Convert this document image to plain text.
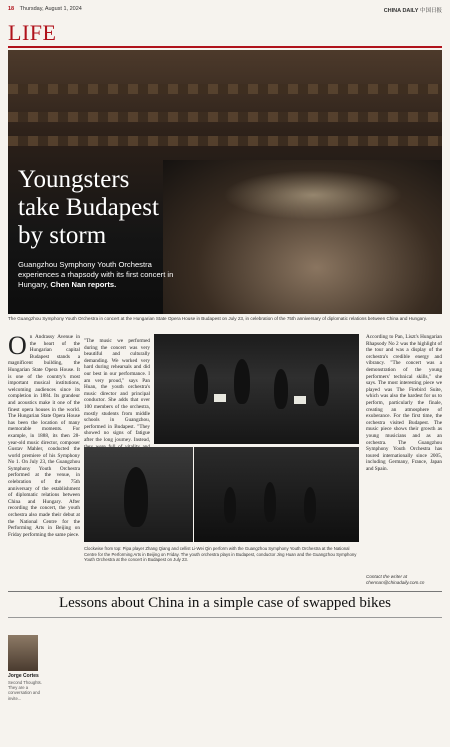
18 Thursday, August 1, 2024	CHINA DAILY 中国日报
LIFE
Youngsters
take Budapest
by storm
Guangzhou Symphony Youth Orchestra experiences a rhapsody with its first concert in Hungary, Chen Nan reports.
The Guangzhou Symphony Youth Orchestra in concert at the Hungarian State Opera House in Budapest on July 23, in celebration of the 75th anniversary of diplomatic relations between China and Hungary.
O n Andrassy Avenue in the heart of the Hungarian capital Budapest stands a magnificent building, the Hungarian State Opera House. It is one of the country's most important musical institutions, welcoming audiences since its completion in 1884. Its grandeur and acoustics make it one of the finest opera houses in the world. The Hungarian State Opera House has been the location of many memorable moments. For example, in 1888, its then 28-year-old music director, composer Gustav Mahler, conducted the world premiere of his Symphony No 1. On July 23, the Guangzhou Symphony Youth Orchestra performed at the venue, in celebration of the 75th anniversary of the establishment of diplomatic relations between China and Hungary. After recording the concert, the youth orchestra also made their debut at the National Centre for the Performing Arts in Beijing on Friday performing the same piece.
"The music we performed during the concert was very beautiful and culturally demanding. We worked very hard during rehearsals and did our best in our performance. I am very proud," says Pan Huan, the youth orchestra's music director and principal conductor. She adds that over 100 members of the orchestra, mostly students from middle schools in Guangzhou, performed in Budapest. "They showed no signs of fatigue after the long journey. Instead,
Clockwise from top: Pipa player Zhang Qiang and cellist Li-Wei Qin perform with the Guangzhou Symphony Youth Orchestra at the National Centre for the Performing Arts in Beijing on Friday. The youth orchestra plays in Budapest, conductor Jing Huan and the Guangzhou Symphony Youth Orchestra at the concert in Budapest on July 23.
According to Pan, Liszt's Hungarian Rhapsody No 2 was the highlight of the tour and was a display of the orchestra's credible energy and vibrancy. "The concert was a demonstration of the young performers' technical skills," she says. The most interesting piece we played was The Firebird Suite, which was also the hardest for us to perform, particularly the finale, creating an atmosphere of exuberance. For the first time, the orchestra visited Budapest. The music piece shows their growth as young musicians and as an orchestra. The Guangzhou Symphony Youth Orchestra has toured internationally since 2005, including Germany, France, Japan and Spain.
Contact the writer at
chennan@chinadaily.com.cn
Lessons about China in a simple case of swapped bikes
Jorge Cortes
Second Thoughts. They are a conversation and invite...
